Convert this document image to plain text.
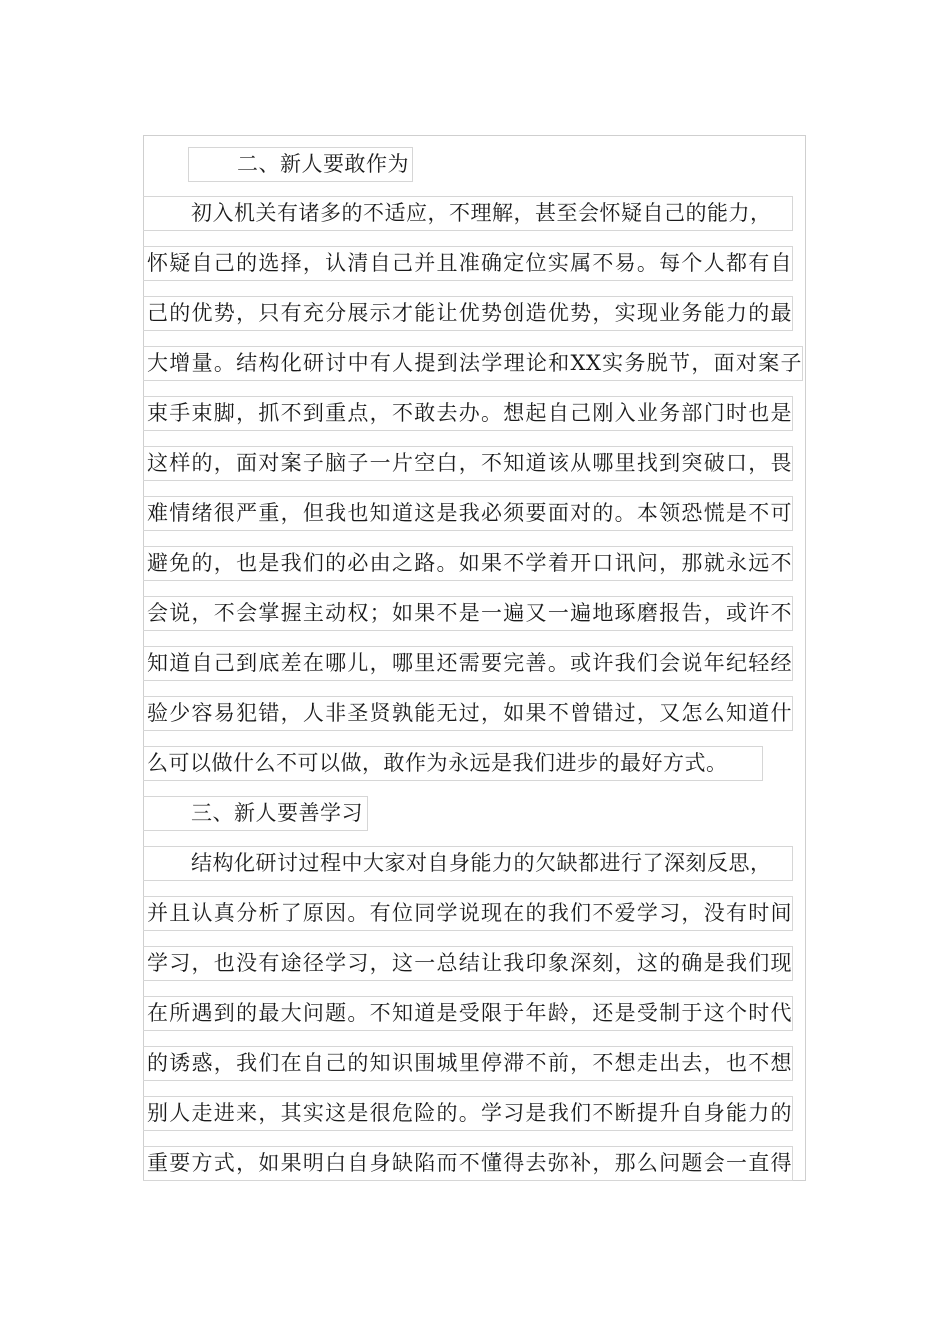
二、新人要敢作为
初入机关有诸多的不适应，不理解，甚至会怀疑自己的能力，
怀疑自己的选择，认清自己并且准确定位实属不易。每个人都有自
己的优势，只有充分展示才能让优势创造优势，实现业务能力的最
大增量。结构化研讨中有人提到法学理论和XX实务脱节，面对案子
束手束脚，抓不到重点，不敢去办。想起自己刚入业务部门时也是
这样的，面对案子脑子一片空白，不知道该从哪里找到突破口，畏
难情绪很严重，但我也知道这是我必须要面对的。本领恐慌是不可
避免的，也是我们的必由之路。如果不学着开口讯问，那就永远不
会说，不会掌握主动权；如果不是一遍又一遍地琢磨报告，或许不
知道自己到底差在哪儿，哪里还需要完善。或许我们会说年纪轻经
验少容易犯错，人非圣贤孰能无过，如果不曾错过，又怎么知道什
么可以做什么不可以做，敢作为永远是我们进步的最好方式。
三、新人要善学习
结构化研讨过程中大家对自身能力的欠缺都进行了深刻反思，
并且认真分析了原因。有位同学说现在的我们不爱学习，没有时间
学习，也没有途径学习，这一总结让我印象深刻，这的确是我们现
在所遇到的最大问题。不知道是受限于年龄，还是受制于这个时代
的诱惑，我们在自己的知识围城里停滞不前，不想走出去，也不想
别人走进来，其实这是很危险的。学习是我们不断提升自身能力的
重要方式，如果明白自身缺陷而不懂得去弥补，那么问题会一直得
